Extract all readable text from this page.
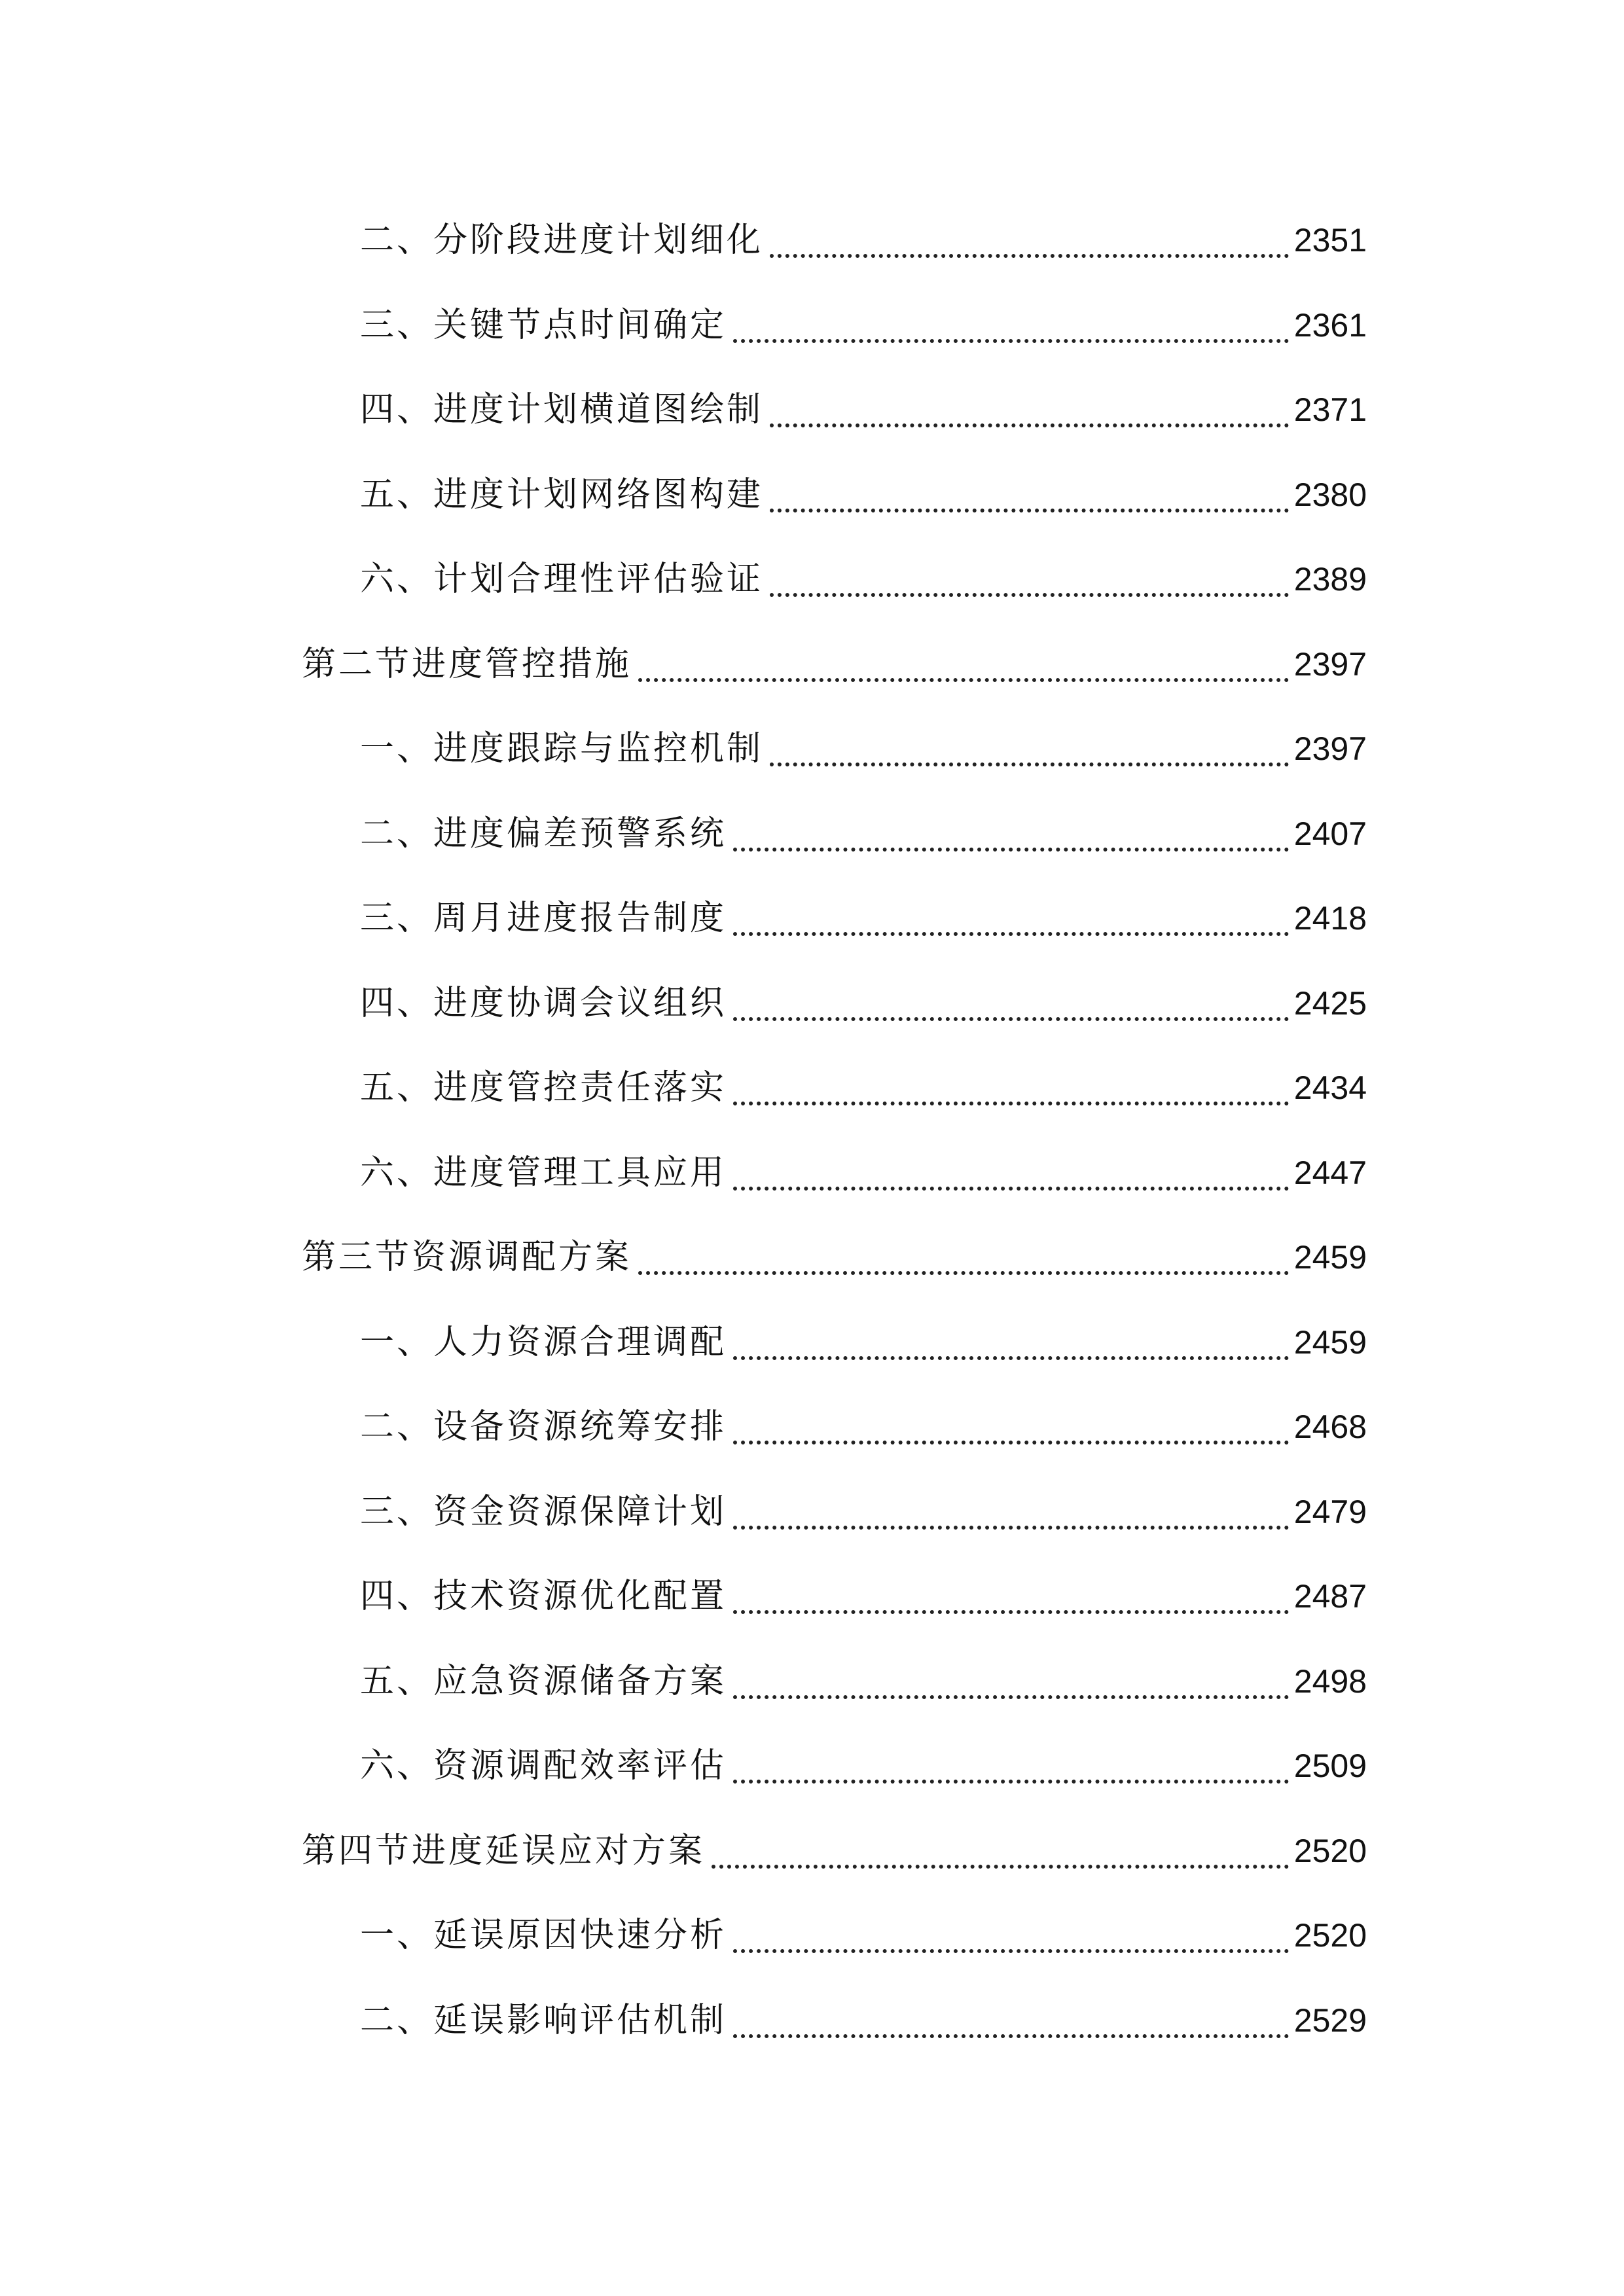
二、分阶段进度计划细化	2351
三、关键节点时间确定	2361
四、进度计划横道图绘制	2371
五、进度计划网络图构建	2380
六、计划合理性评估验证	2389
第二节进度管控措施	2397
一、进度跟踪与监控机制	2397
二、进度偏差预警系统	2407
三、周月进度报告制度	2418
四、进度协调会议组织	2425
五、进度管控责任落实	2434
六、进度管理工具应用	2447
第三节资源调配方案	2459
一、人力资源合理调配	2459
二、设备资源统筹安排	2468
三、资金资源保障计划	2479
四、技术资源优化配置	2487
五、应急资源储备方案	2498
六、资源调配效率评估	2509
第四节进度延误应对方案	2520
一、延误原因快速分析	2520
二、延误影响评估机制	2529
